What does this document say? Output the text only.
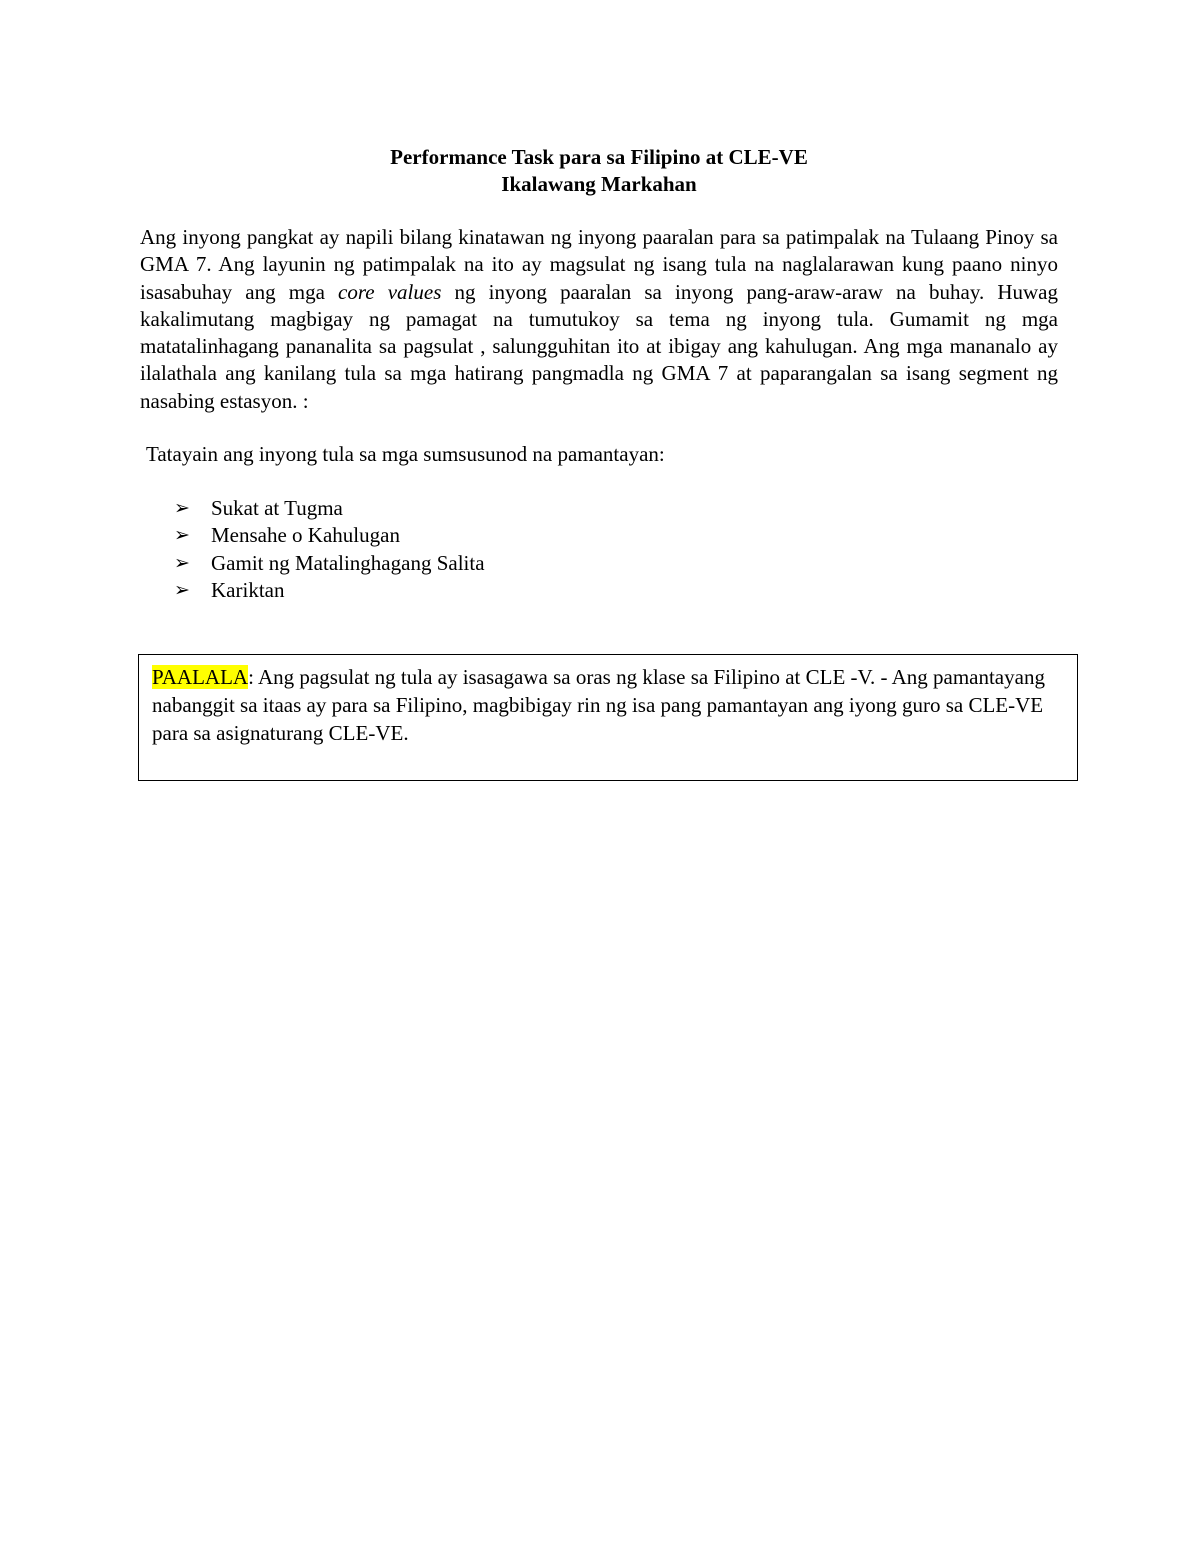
Performance Task para sa Filipino at CLE-VE
Ikalawang Markahan

Ang inyong pangkat ay napili bilang kinatawan ng inyong paaralan para sa patimpalak na Tulaang Pinoy sa GMA 7. Ang layunin ng patimpalak na ito ay magsulat ng isang tula na naglalarawan kung paano ninyo isasabuhay ang mga core values ng inyong paaralan sa inyong pang-araw-araw na buhay. Huwag kakalimutang magbigay ng pamagat na tumutukoy sa tema ng inyong tula. Gumamit ng mga matatalinhagang pananalita sa pagsulat , salungguhitan ito at ibigay ang kahulugan. Ang mga mananalo ay ilalathala ang kanilang tula sa mga hatirang pangmadla ng GMA 7 at paparangalan sa isang segment ng nasabing estasyon. :

Tatayain ang inyong tula sa mga sumsusunod na pamantayan:
➢ Sukat at Tugma
➢ Mensahe o Kahulugan
➢ Gamit ng Matalinghagang Salita
➢ Kariktan
PAALALA: Ang pagsulat ng tula ay isasagawa sa oras ng klase sa Filipino at CLE -V. - Ang pamantayang nabanggit sa itaas ay para sa Filipino, magbibigay rin ng isa pang pamantayan ang iyong guro sa CLE-VE para sa asignaturang CLE-VE.
